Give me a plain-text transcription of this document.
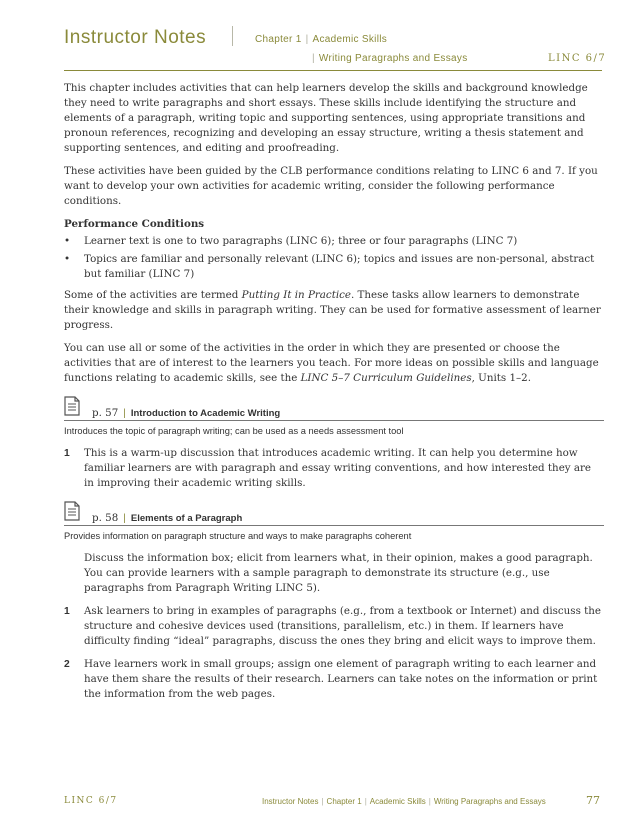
Instructor Notes	Chapter 1 | Academic Skills
| Writing Paragraphs and Essays	LINC 6/7

This chapter includes activities that can help learners develop the skills and background knowledge they need to write paragraphs and short essays. These skills include identifying the structure and elements of a paragraph, writing topic and supporting sentences, using appropriate transitions and pronoun references, recognizing and developing an essay structure, writing a thesis statement and supporting sentences, and editing and proofreading.

These activities have been guided by the CLB performance conditions relating to LINC 6 and 7. If you want to develop your own activities for academic writing, consider the following performance conditions.

Performance Conditions
•	Learner text is one to two paragraphs (LINC 6); three or four paragraphs (LINC 7)
•	Topics are familiar and personally relevant (LINC 6); topics and issues are non-personal, abstract but familiar (LINC 7)

Some of the activities are termed Putting It in Practice. These tasks allow learners to demonstrate their knowledge and skills in paragraph writing. They can be used for formative assessment of learner progress.

You can use all or some of the activities in the order in which they are presented or choose the activities that are of interest to the learners you teach. For more ideas on possible skills and language functions relating to academic skills, see the LINC 5–7 Curriculum Guidelines, Units 1–2.

p. 57 | Introduction to Academic Writing
Introduces the topic of paragraph writing; can be used as a needs assessment tool
1	This is a warm-up discussion that introduces academic writing. It can help you determine how familiar learners are with paragraph and essay writing conventions, and how interested they are in improving their academic writing skills.
p. 58 | Elements of a Paragraph
Provides information on paragraph structure and ways to make paragraphs coherent

Discuss the information box; elicit from learners what, in their opinion, makes a good paragraph. You can provide learners with a sample paragraph to demonstrate its structure (e.g., use paragraphs from Paragraph Writing LINC 5).

1	Ask learners to bring in examples of paragraphs (e.g., from a textbook or Internet) and discuss the structure and cohesive devices used (transitions, parallelism, etc.) in them. If learners have difficulty finding “ideal” paragraphs, discuss the ones they bring and elicit ways to improve them.
2	Have learners work in small groups; assign one element of paragraph writing to each learner and have them share the results of their research. Learners can take notes on the information or print the information from the web pages.
LINC 6/7	Instructor Notes | Chapter 1 | Academic Skills | Writing Paragraphs and Essays	77
